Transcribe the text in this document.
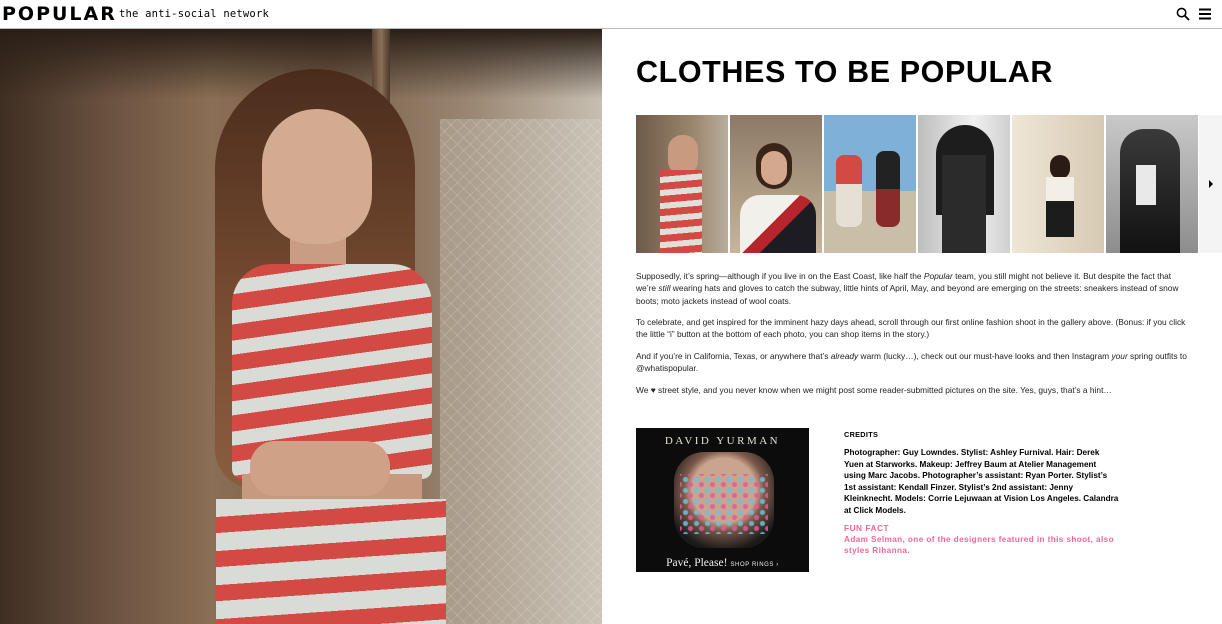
POPULAR the anti-social network
CLOTHES TO BE POPULAR

Supposedly, it’s spring—although if you live in on the East Coast, like half the Popular team, you still might not believe it. But despite the fact that we’re still wearing hats and gloves to catch the subway, little hints of April, May, and beyond are emerging on the streets: sneakers instead of snow boots; moto jackets instead of wool coats.

To celebrate, and get inspired for the imminent hazy days ahead, scroll through our first online fashion shoot in the gallery above. (Bonus: if you click the little “i” button at the bottom of each photo, you can shop items in the story.)

And if you’re in California, Texas, or anywhere that’s already warm (lucky…), check out our must-have looks and then Instagram your spring outfits to @whatispopular.

We ♥ street style, and you never know when we might post some reader-submitted pictures on the site. Yes, guys, that’s a hint…

DAVID YURMAN
Pavé, Please! SHOP RINGS ›
CREDITS
Photographer: Guy Lowndes. Stylist: Ashley Furnival. Hair: Derek Yuen at Starworks. Makeup: Jeffrey Baum at Atelier Management using Marc Jacobs. Photographer’s assistant: Ryan Porter. Stylist’s 1st assistant: Kendall Finzer. Stylist’s 2nd assistant: Jenny Kleinknecht. Models: Corrie Lejuwaan at Vision Los Angeles. Calandra at Click Models.
FUN FACT
Adam Selman, one of the designers featured in this shoot, also styles Rihanna.
